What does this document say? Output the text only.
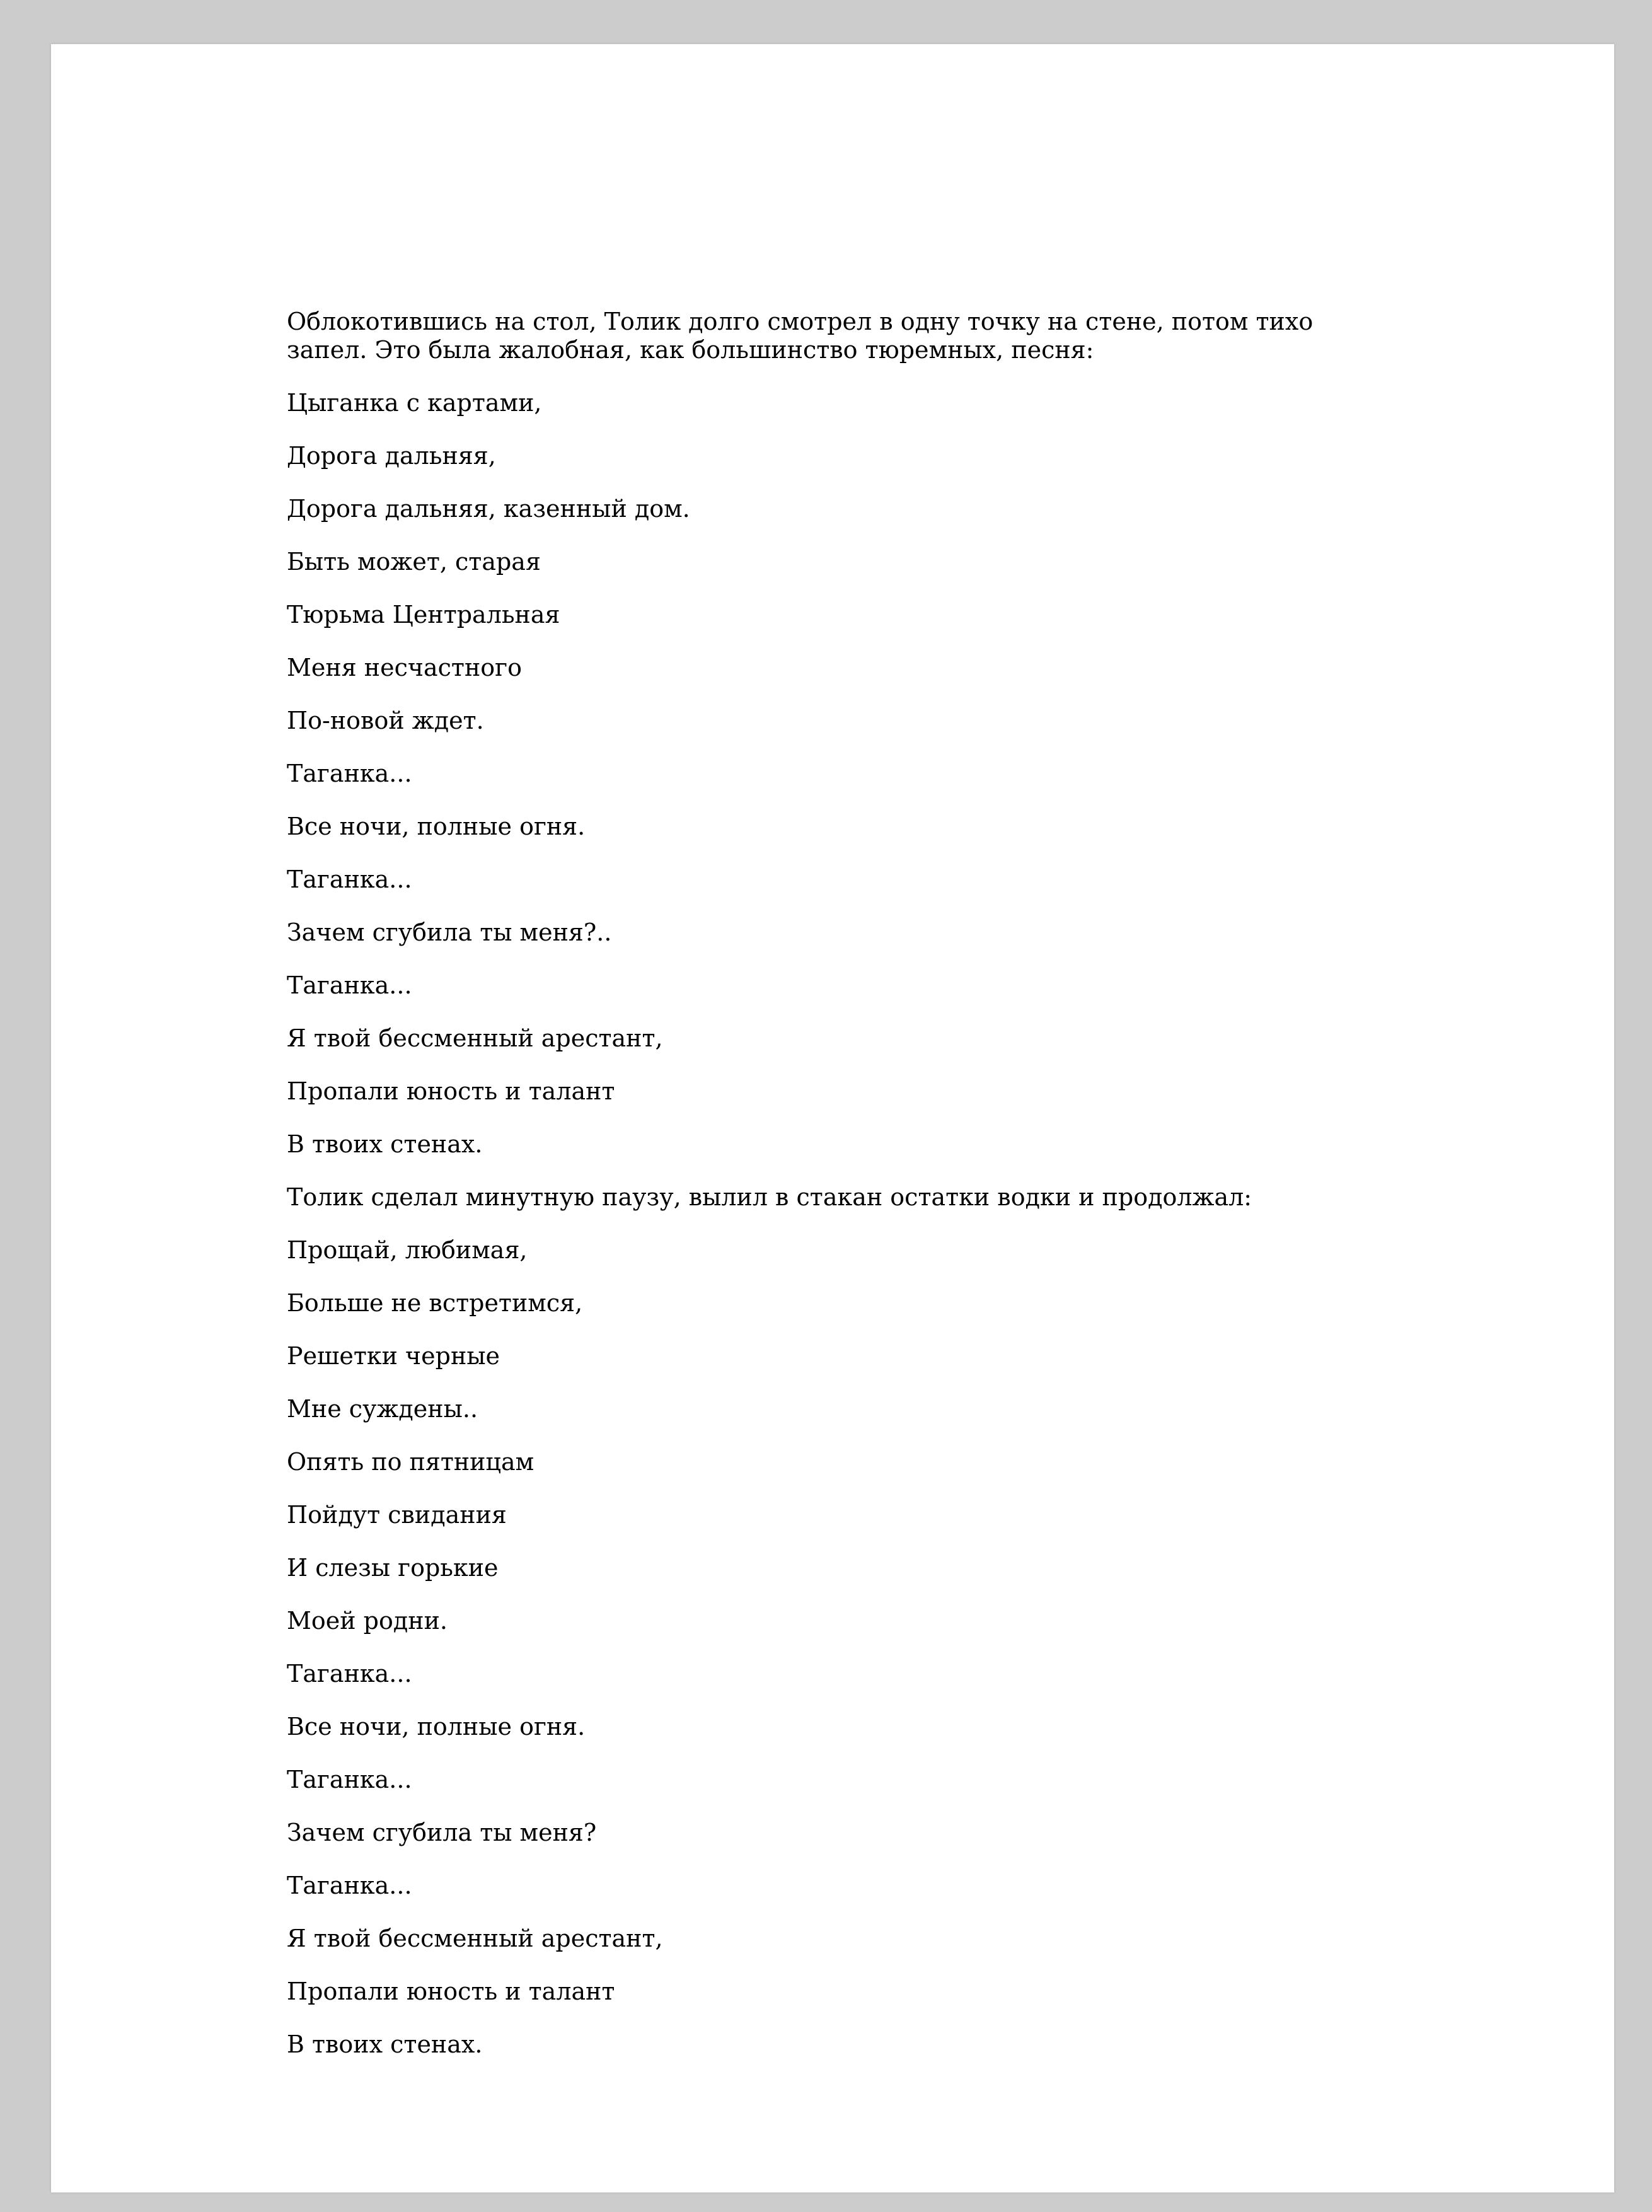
Облокотившись на стол, Толик долго смотрел в одну точку на стене, потом тихо запел. Это была жалобная, как большинство тюремных, песня:

Цыганка с картами,

Дорога дальняя,

Дорога дальняя, казенный дом.

Быть может, старая

Тюрьма Центральная

Меня несчастного

По-новой ждет.

Таганка...

Все ночи, полные огня.

Таганка...

Зачем сгубила ты меня?..

Таганка...

Я твой бессменный арестант,

Пропали юность и талант

В твоих стенах.

Толик сделал минутную паузу, вылил в стакан остатки водки и продолжал:

Прощай, любимая,

Больше не встретимся,

Решетки черные

Мне суждены..

Опять по пятницам

Пойдут свидания

И слезы горькие

Моей родни.

Таганка...

Все ночи, полные огня.

Таганка...

Зачем сгубила ты меня?

Таганка...

Я твой бессменный арестант,

Пропали юность и талант

В твоих стенах.
